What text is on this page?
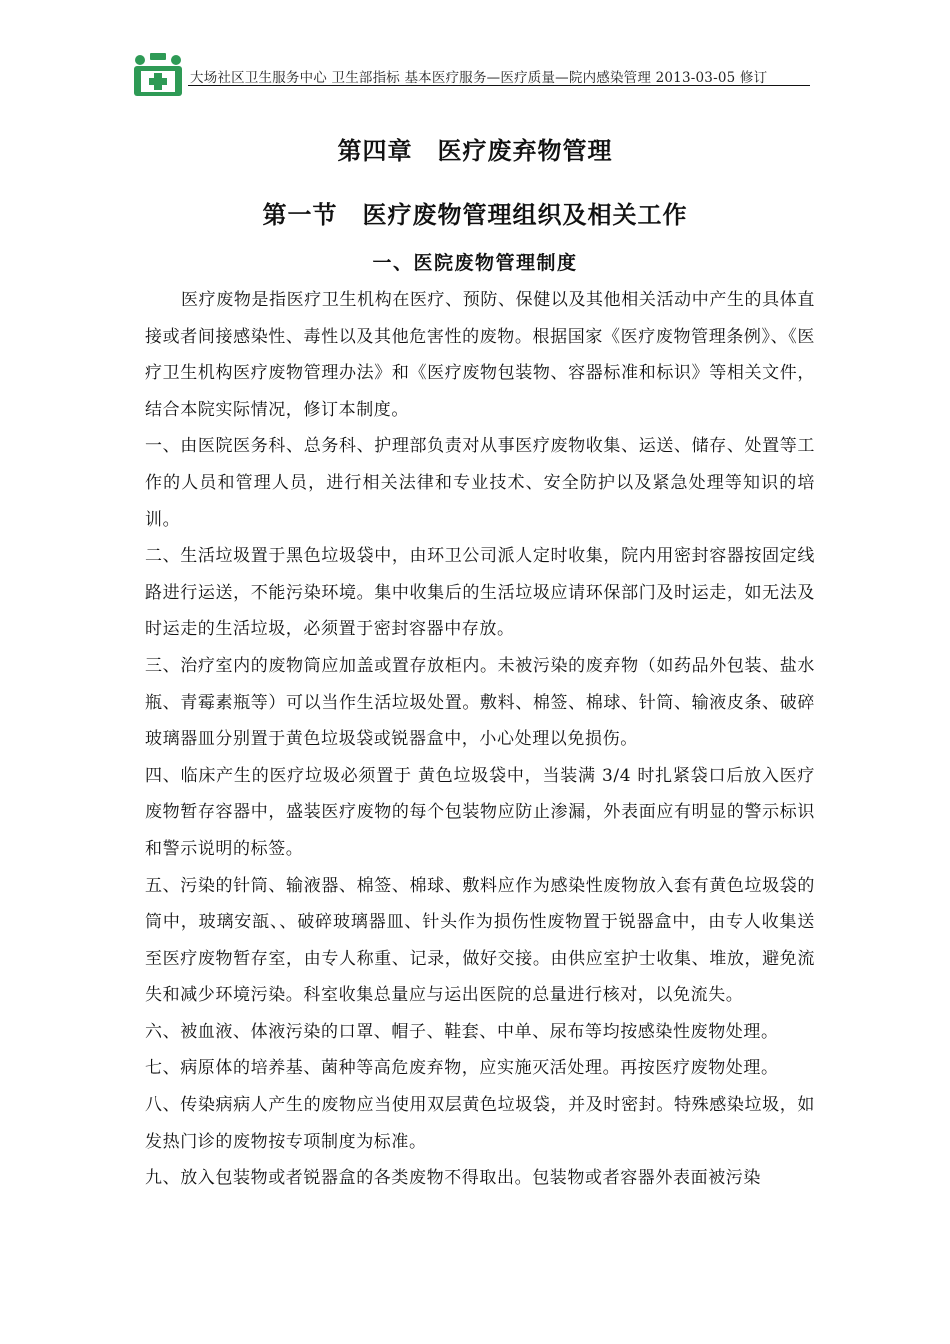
大场社区卫生服务中心 卫生部指标 基本医疗服务—医疗质量—院内感染管理 2013-03-05 修订
第四章　医疗废弃物管理
第一节　医疗废物管理组织及相关工作
一、医院废物管理制度

医疗废物是指医疗卫生机构在医疗、预防、保健以及其他相关活动中产生的具体直接或者间接感染性、毒性以及其他危害性的废物。根据国家《医疗废物管理条例》、《医疗卫生机构医疗废物管理办法》和《医疗废物包装物、容器标准和标识》等相关文件，结合本院实际情况，修订本制度。

一、由医院医务科、总务科、护理部负责对从事医疗废物收集、运送、储存、处置等工作的人员和管理人员，进行相关法律和专业技术、安全防护以及紧急处理等知识的培训。

二、生活垃圾置于黑色垃圾袋中，由环卫公司派人定时收集，院内用密封容器按固定线路进行运送，不能污染环境。集中收集后的生活垃圾应请环保部门及时运走，如无法及时运走的生活垃圾，必须置于密封容器中存放。

三、治疗室内的废物筒应加盖或置存放柜内。未被污染的废弃物（如药品外包装、盐水瓶、青霉素瓶等）可以当作生活垃圾处置。敷料、棉签、棉球、针筒、输液皮条、破碎玻璃器皿分别置于黄色垃圾袋或锐器盒中，小心处理以免损伤。

四、临床产生的医疗垃圾必须置于 黄色垃圾袋中，当装满 3/4 时扎紧袋口后放入医疗废物暂存容器中，盛装医疗废物的每个包装物应防止渗漏，外表面应有明显的警示标识和警示说明的标签。

五、污染的针筒、输液器、棉签、棉球、敷料应作为感染性废物放入套有黄色垃圾袋的筒中，玻璃安瓿、、破碎玻璃器皿、针头作为损伤性废物置于锐器盒中，由专人收集送至医疗废物暂存室，由专人称重、记录，做好交接。由供应室护士收集、堆放，避免流失和减少环境污染。科室收集总量应与运出医院的总量进行核对，以免流失。

六、被血液、体液污染的口罩、帽子、鞋套、中单、尿布等均按感染性废物处理。

七、病原体的培养基、菌种等高危废弃物，应实施灭活处理。再按医疗废物处理。

八、传染病病人产生的废物应当使用双层黄色垃圾袋，并及时密封。特殊感染垃圾，如发热门诊的废物按专项制度为标准。

九、放入包装物或者锐器盒的各类废物不得取出。包装物或者容器外表面被污染
